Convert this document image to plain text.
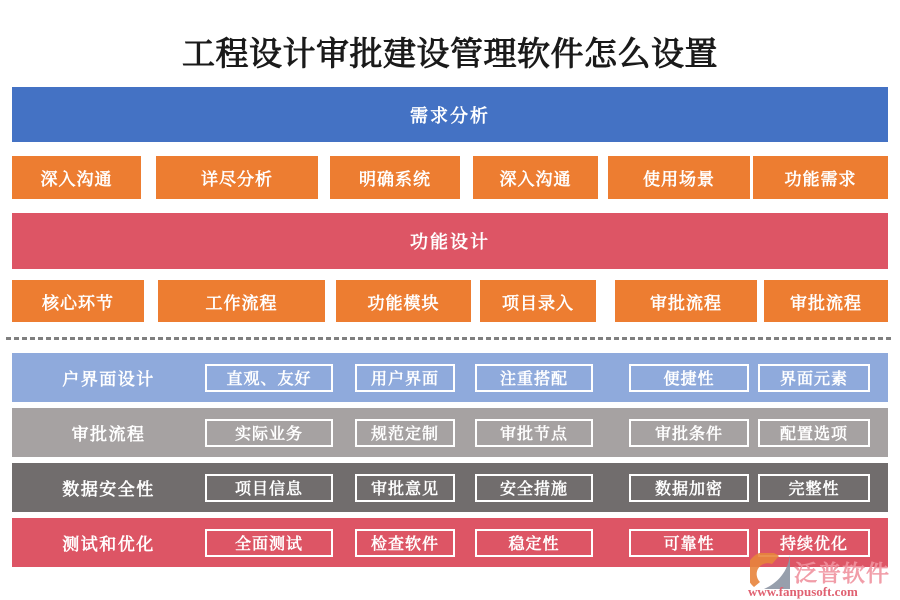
工程设计审批建设管理软件怎么设置
需求分析
深入沟通	详尽分析	明确系统	深入沟通	使用场景	功能需求
功能设计
核心环节	工作流程	功能模块	项目录入	审批流程	审批流程
户界面设计	直观、友好	用户界面	注重搭配	便捷性	界面元素
审批流程	实际业务	规范定制	审批节点	审批条件	配置选项
数据安全性	项目信息	审批意见	安全措施	数据加密	完整性
测试和优化	全面测试	检查软件	稳定性	可靠性	持续优化
泛普软件
www.fanpusoft.com
